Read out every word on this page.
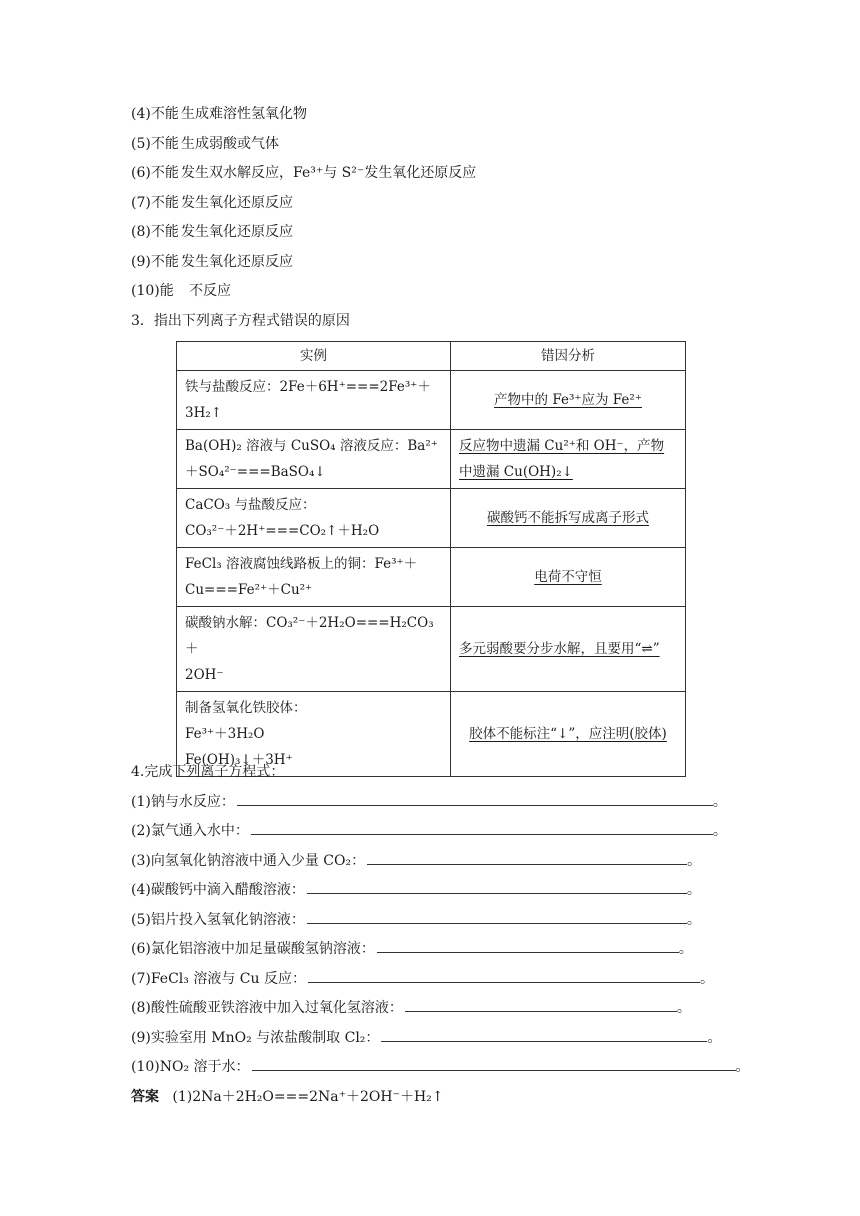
(4)不能 生成难溶性氢氧化物
(5)不能 生成弱酸或气体
(6)不能 发生双水解反应，Fe³⁺与 S²⁻发生氧化还原反应
(7)不能 发生氧化还原反应
(8)不能 发生氧化还原反应
(9)不能 发生氧化还原反应
(10)能 不反应
3．指出下列离子方程式错误的原因
实例	错因分析

铁与盐酸反应：2Fe＋6H⁺===2Fe³⁺＋
3H₂↑	产物中的 Fe³⁺应为 Fe²⁺

Ba(OH)₂ 溶液与 CuSO₄ 溶液反应：Ba²⁺
＋SO₄²⁻===BaSO₄↓	反应物中遗漏 Cu²⁺和 OH⁻，产物中遗漏 Cu(OH)₂↓

CaCO₃ 与盐酸反应：
CO₃²⁻＋2H⁺===CO₂↑＋H₂O	碳酸钙不能拆写成离子形式

FeCl₃ 溶液腐蚀线路板上的铜：Fe³⁺＋
Cu===Fe²⁺＋Cu²⁺	电荷不守恒

碳酸钠水解：CO₃²⁻＋2H₂O===H₂CO₃＋
2OH⁻	多元弱酸要分步水解，且要用“⇌”

制备氢氧化铁胶体：
Fe³⁺＋3H₂O
Fe(OH)₃↓＋3H⁺	胶体不能标注“↓”，应注明(胶体)
4.完成下列离子方程式：
(1)钠与水反应：	。
(2)氯气通入水中：	。
(3)向氢氧化钠溶液中通入少量 CO₂：	。
(4)碳酸钙中滴入醋酸溶液：	。
(5)铝片投入氢氧化钠溶液：	。
(6)氯化铝溶液中加足量碳酸氢钠溶液：	。
(7)FeCl₃ 溶液与 Cu 反应：	。
(8)酸性硫酸亚铁溶液中加入过氧化氢溶液：	。
(9)实验室用 MnO₂ 与浓盐酸制取 Cl₂：	。
(10)NO₂ 溶于水：	。
答案 (1)2Na＋2H₂O===2Na⁺＋2OH⁻＋H₂↑
